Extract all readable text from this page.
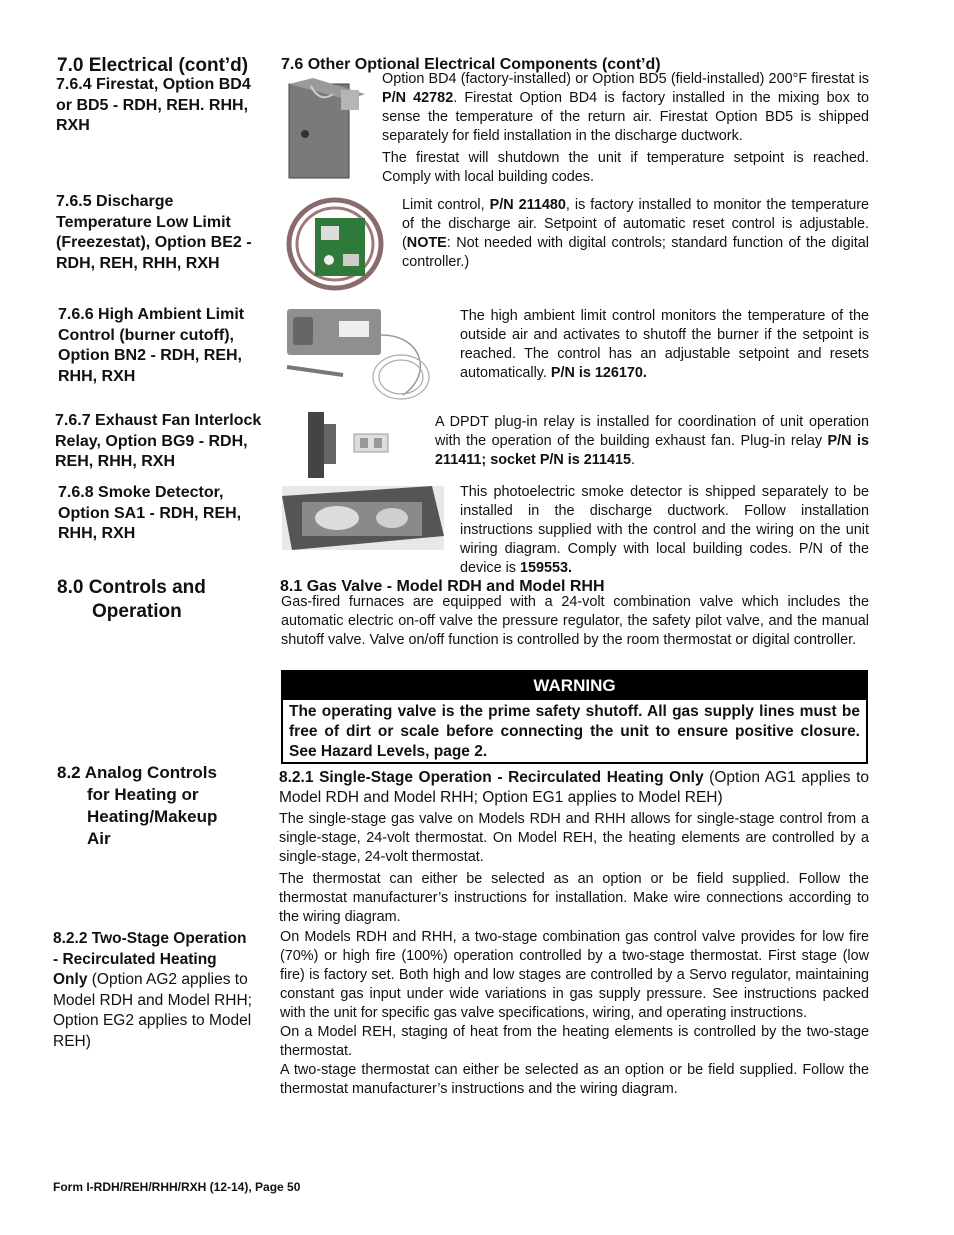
7.0 Electrical (cont’d) 7.6 Other Optional Electrical Components (cont’d)
7.6.4 Firestat, Option BD4 or BD5 - RDH, REH. RHH, RXH

Option BD4 (factory-installed) or Option BD5 (field-installed) 200°F firestat is P/N 42782. Firestat Option BD4 is factory installed in the mixing box to sense the temperature of the return air. Firestat Option BD5 is shipped separately for field installation in the discharge ductwork.

The firestat will shutdown the unit if temperature setpoint is reached. Comply with local building codes.

7.6.5 Discharge Temperature Low Limit (Freezestat), Option BE2 - RDH, REH, RHH, RXH

Limit control, P/N 211480, is factory installed to monitor the temperature of the discharge air. Setpoint of automatic reset control is adjustable. (NOTE: Not needed with digital controls; standard function of the digital controller.)

7.6.6 High Ambient Limit Control (burner cutoff), Option BN2 - RDH, REH, RHH, RXH

The high ambient limit control monitors the temperature of the outside air and activates to shutoff the burner if the setpoint is reached. The control has an adjustable setpoint and resets automatically. P/N is 126170.

7.6.7 Exhaust Fan Interlock Relay, Option BG9 - RDH, REH, RHH, RXH

A DPDT plug-in relay is installed for coordination of unit operation with the operation of the building exhaust fan. Plug-in relay P/N is 211411; socket P/N is 211415.

7.6.8 Smoke Detector, Option SA1 - RDH, REH, RHH, RXH

This photoelectric smoke detector is shipped separately to be installed in the discharge ductwork. Follow installation instructions supplied with the control and the wiring on the unit wiring diagram. Comply with local building codes. P/N of the device is 159553.

8.0 Controls and
Operation
8.1 Gas Valve - Model RDH and Model RHH

Gas-fired furnaces are equipped with a 24-volt combination valve which includes the automatic electric on-off valve the pressure regulator, the safety pilot valve, and the manual shutoff valve. Valve on/off function is controlled by the room thermostat or digital controller.

WARNING
The operating valve is the prime safety shutoff. All gas supply lines must be free of dirt or scale before connecting the unit to ensure positive closure. See Hazard Levels, page 2.
8.2 Analog Controls
for Heating or
Heating/Makeup
Air
8.2.1 Single-Stage Operation - Recirculated Heating Only (Option AG1 applies to Model RDH and Model RHH; Option EG1 applies to Model REH)

The single-stage gas valve on Models RDH and RHH allows for single-stage control from a single-stage, 24-volt thermostat. On Model REH, the heating elements are controlled by a single-stage, 24-volt thermostat.

The thermostat can either be selected as an option or be field supplied. Follow the thermostat manufacturer’s instructions for installation. Make wire connections according to the wiring diagram.

8.2.2 Two-Stage Operation - Recirculated Heating Only (Option AG2 applies to Model RDH and Model RHH; Option EG2 applies to Model REH)

On Models RDH and RHH, a two-stage combination gas control valve provides for low fire (70%) or high fire (100%) operation controlled by a two-stage thermostat. First stage (low fire) is factory set. Both high and low stages are controlled by a Servo regulator, maintaining constant gas input under wide variations in gas supply pressure. See instructions packed with the unit for specific gas valve specifications, wiring, and operating instructions.

On a Model REH, staging of heat from the heating elements is controlled by the two-stage thermostat.

A two-stage thermostat can either be selected as an option or be field supplied. Follow the thermostat manufacturer’s instructions and the wiring diagram.

Form I-RDH/REH/RHH/RXH (12-14), Page 50
